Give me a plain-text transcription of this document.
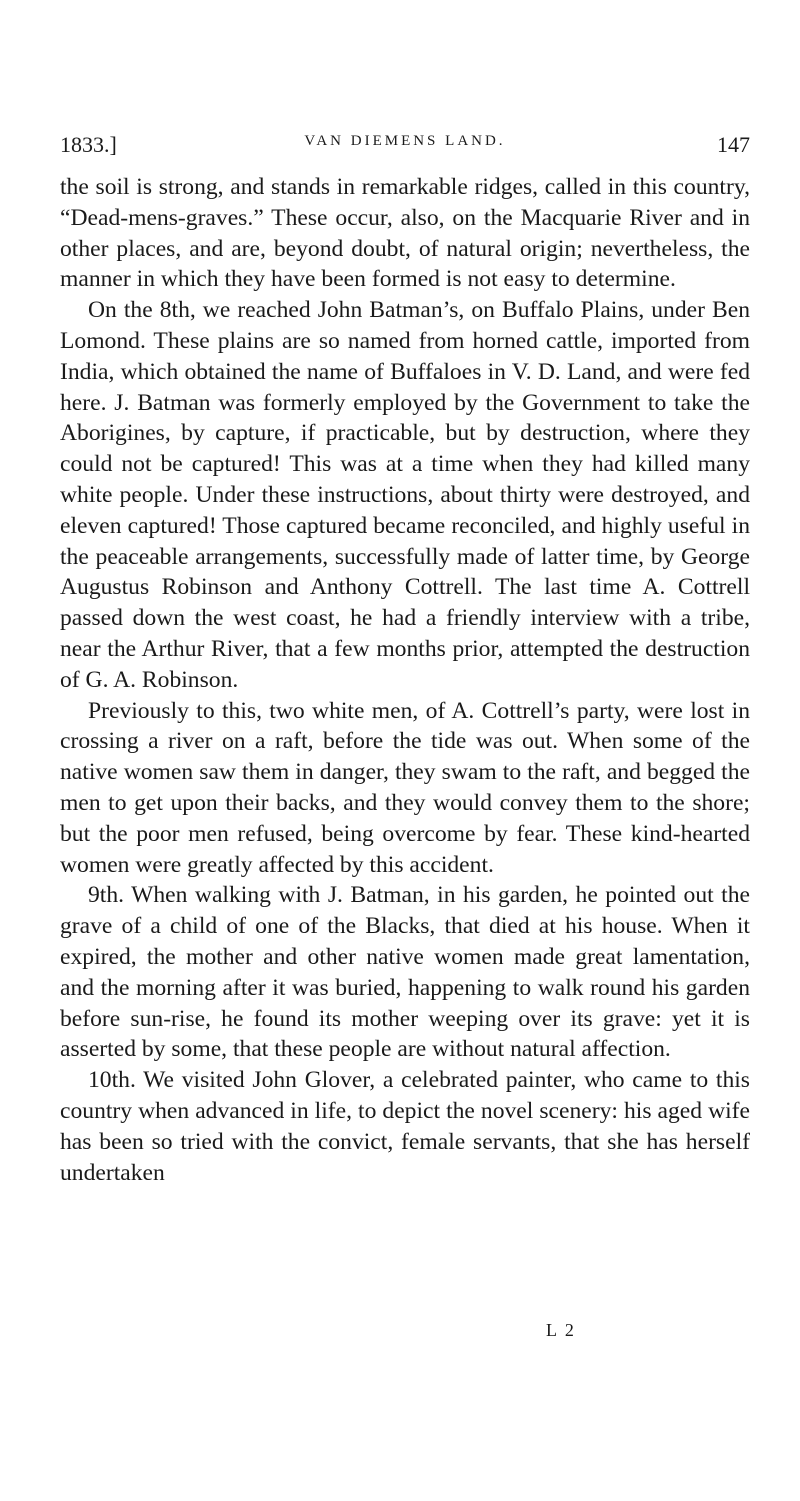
1833.]	VAN DIEMENS LAND.	147

the soil is strong, and stands in remarkable ridges, called in this country, “Dead-mens-graves.” These occur, also, on the Macquarie River and in other places, and are, beyond doubt, of natural origin; nevertheless, the manner in which they have been formed is not easy to determine.

On the 8th, we reached John Batman’s, on Buffalo Plains, under Ben Lomond. These plains are so named from horned cattle, imported from India, which obtained the name of Buffaloes in V. D. Land, and were fed here. J. Batman was formerly employed by the Government to take the Aborigines, by capture, if practicable, but by destruction, where they could not be captured! This was at a time when they had killed many white people. Under these instructions, about thirty were destroyed, and eleven captured! Those captured became reconciled, and highly useful in the peaceable arrangements, successfully made of latter time, by George Augustus Robinson and Anthony Cottrell. The last time A. Cottrell passed down the west coast, he had a friendly interview with a tribe, near the Arthur River, that a few months prior, attempted the destruction of G. A. Robinson.

Previously to this, two white men, of A. Cottrell’s party, were lost in crossing a river on a raft, before the tide was out. When some of the native women saw them in danger, they swam to the raft, and begged the men to get upon their backs, and they would convey them to the shore; but the poor men refused, being overcome by fear. These kind-hearted women were greatly affected by this accident.

9th. When walking with J. Batman, in his garden, he pointed out the grave of a child of one of the Blacks, that died at his house. When it expired, the mother and other native women made great lamentation, and the morning after it was buried, happening to walk round his garden before sun-rise, he found its mother weeping over its grave: yet it is asserted by some, that these people are without natural affection.

10th. We visited John Glover, a celebrated painter, who came to this country when advanced in life, to depict the novel scenery: his aged wife has been so tried with the convict, female servants, that she has herself undertaken

L 2
